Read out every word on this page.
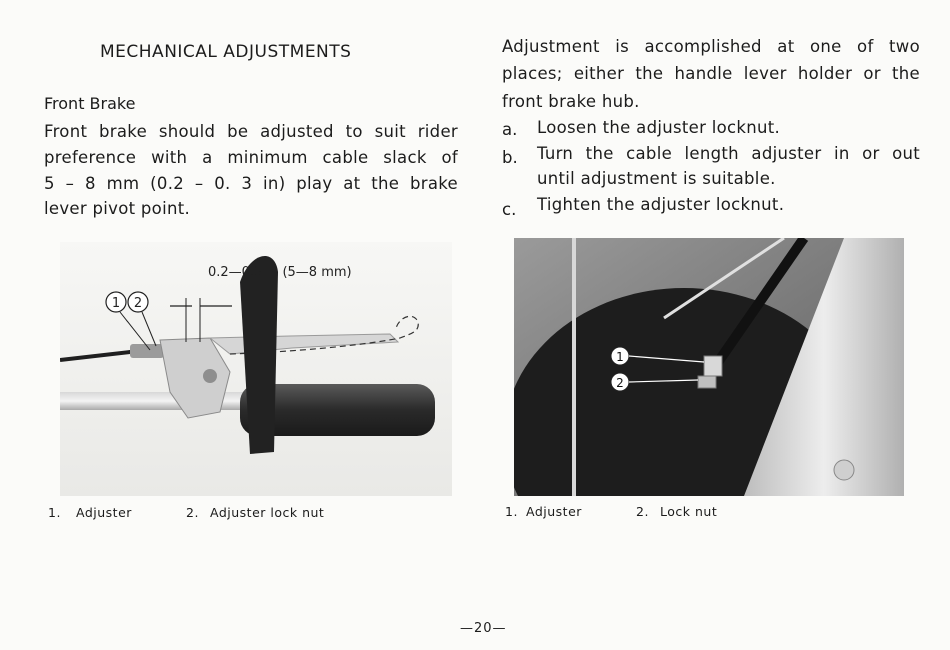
MECHANICAL ADJUSTMENTS
Front Brake
Front brake should be adjusted to suit rider
preference with a minimum cable slack of
5 – 8 mm (0.2 – 0. 3 in) play at the brake
lever pivot point.
Adjustment is accomplished at one of two
places; either the handle lever holder or the
front brake hub.
a. Loosen the adjuster locknut.
b. Turn the cable length adjuster in or out
until adjustment is suitable.
c. Tighten the adjuster locknut.
1 2
0.2—0.3 in (5—8 mm)
1
2
1. Adjuster	2. Adjuster lock nut	1. Adjuster	2. Lock nut
—20—
